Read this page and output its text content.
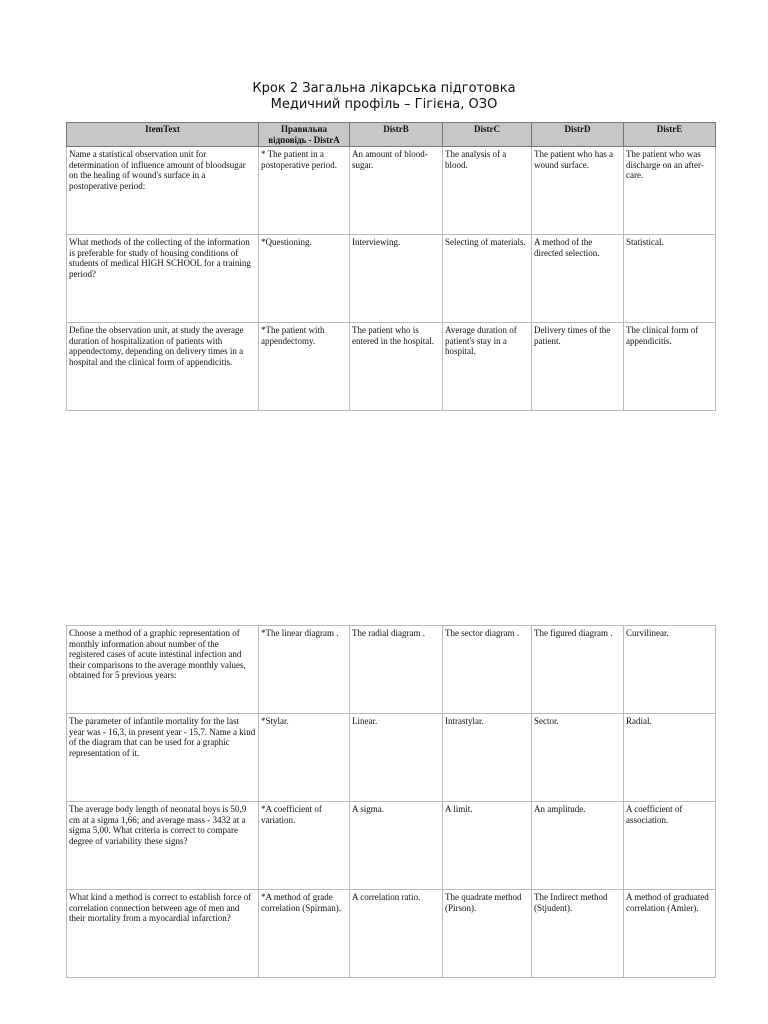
Крок 2 Загальна лікарська підготовка
Медичний профіль – Гігієна, ОЗО
ItemText	Правильна відповідь - DistrA	DistrB	DistrC	DistrD	DistrE
Name a statistical observation unit for determination of influence amount of bloodsugar on the healing of wound's surface in a postoperative period:	* The patient in a postoperative period.	An amount of blood-sugar.	The analysis of a blood.	The patient who has a wound surface.	The patient who was discharge on an after-care.
What methods of the collecting of the information is preferable for study of housing conditions of students of medical HIGH SCHOOL for a training period?	*Questioning.	Interviewing.	Selecting of materials.	A method of the directed selection.	Statistical.
Define the observation unit, at study the average duration of hospitalization of patients with appendectomy, depending on delivery times in a hospital and the clinical form of appendicitis.	*The patient with appendectomy.	The patient who is entered in the hospital.	Average duration of patient's stay in a hospital.	Delivery times of the patient.	The clinical form of appendicitis.
Choose a method of a graphic representation of monthly information about number of the registered cases of acute intestinal infection and their comparisons to the average monthly values, obtained for 5 previous years:	*The linear diagram .	The radial diagram .	The sector diagram .	The figured diagram .	Curvilinear.
The parameter of infantile mortality for the last year was - 16,3, in present year - 15,7. Name a kind of the diagram that can be used for a graphic representation of it.	*Stylar.	Linear.	Intrastylar.	Sector.	Radial.
The average body length of neonatal boys is 50,9 cm at a sigma 1,66; and average mass - 3432 at a sigma 5,00. What criteria is correct to compare degree of variability these signs?	*A coefficient of variation.	A sigma.	A limit.	An amplitude.	A coefficient of association.
What kind a method is correct to establish force of correlation connection between age of men and their mortality from a myocardial infarction?	*A method of grade correlation (Spirman).	A correlation ratio.	The quadrate method (Pirson).	The Indirect method (Stjudent).	A method of graduated correlation (Amler).
